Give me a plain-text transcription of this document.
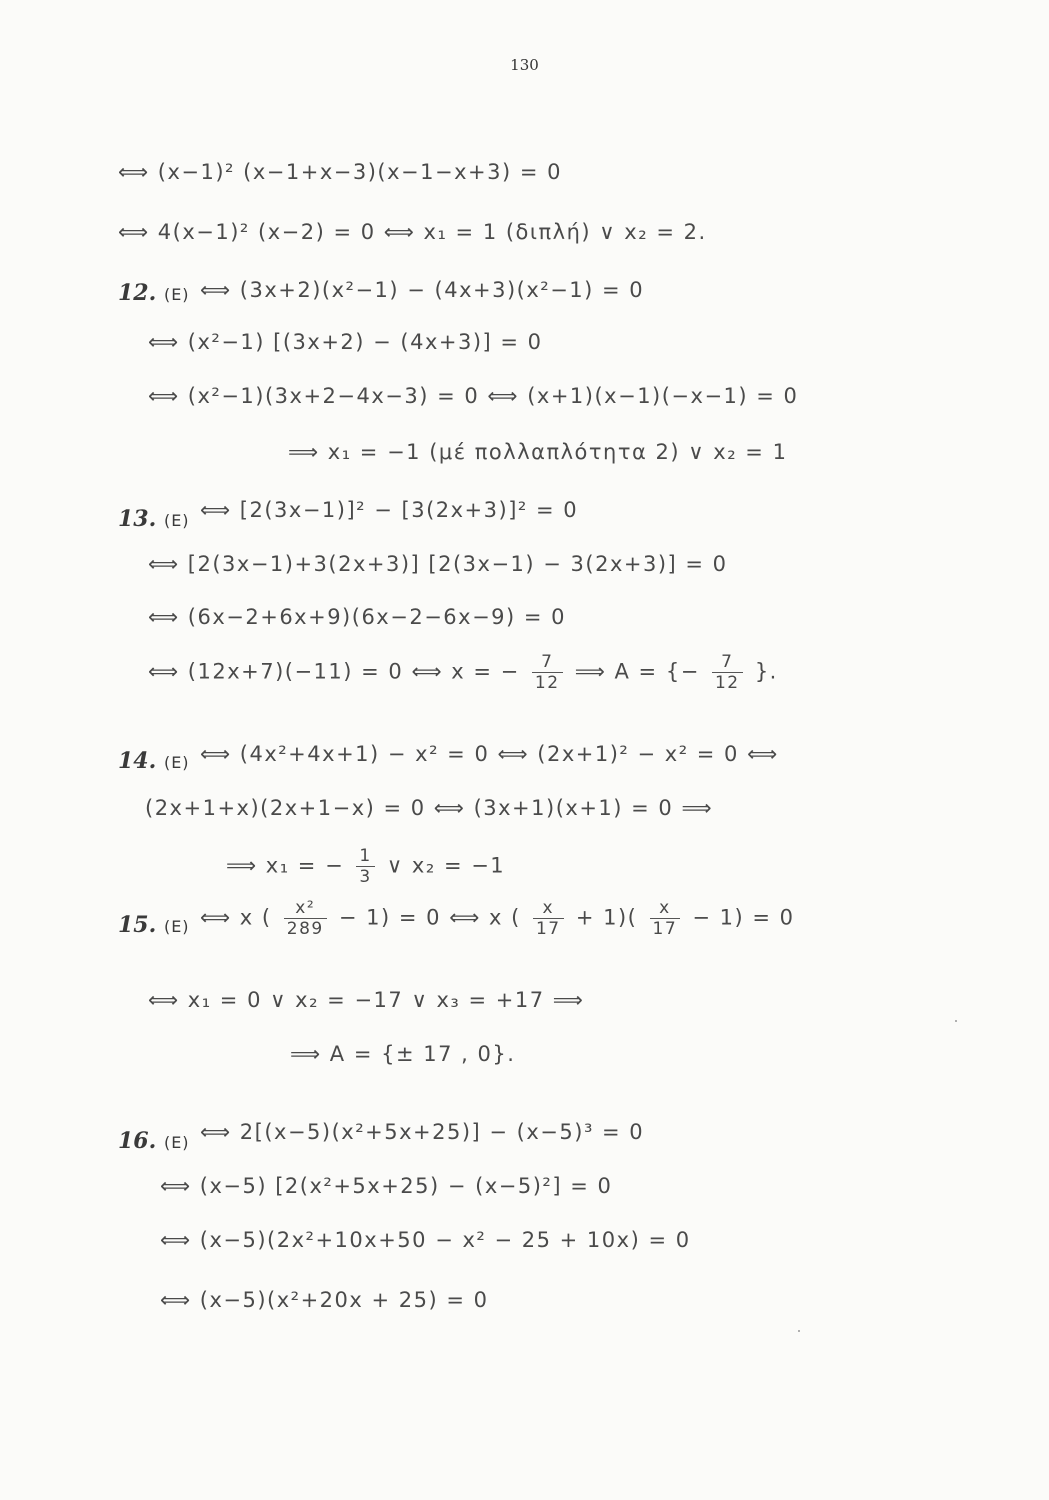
130
⟺ (x−1)² (x−1+x−3)(x−1−x+3) = 0
⟺ 4(x−1)² (x−2) = 0 ⟺ x₁ = 1 (διπλή) ∨ x₂ = 2.
12. (E) ⟺ (3x+2)(x²−1) − (4x+3)(x²−1) = 0
⟺ (x²−1) [(3x+2) − (4x+3)] = 0
⟺ (x²−1)(3x+2−4x−3) = 0 ⟺ (x+1)(x−1)(−x−1) = 0
⟹ x₁ = −1 (μέ πολλαπλότητα 2) ∨ x₂ = 1
13. (E) ⟺ [2(3x−1)]² − [3(2x+3)]² = 0
⟺ [2(3x−1)+3(2x+3)] [2(3x−1) − 3(2x+3)] = 0
⟺ (6x−2+6x+9)(6x−2−6x−9) = 0
⟺ (12x+7)(−11) = 0 ⟺ x = − $\frac{7}{12}$ ⟹ A = {− $\frac{7}{12}$ }.
14. (E) ⟺ (4x²+4x+1) − x² = 0 ⟺ (2x+1)² − x² = 0 ⟺
(2x+1+x)(2x+1−x) = 0 ⟺ (3x+1)(x+1) = 0 ⟹
⟹ x₁ = − $\frac{1}{3}$ ∨ x₂ = −1
15. (E) ⟺ x ( $\frac{\text{x²}}{289} - 1) = 0$ ⟺ x ( $\frac{x}{17} + 1)( \frac{x}{17} - 1) = 0$
⟺ x₁ = 0 ∨ x₂ = −17 ∨ x₃ = +17 ⟹
⟹ A = {± 17 , 0}.
16. (E) ⟺ 2[(x−5)(x²+5x+25)] − (x−5)³ = 0
⟺ (x−5) [2(x²+5x+25) − (x−5)²] = 0
⟺ (x−5)(2x²+10x+50 − x² − 25 + 10x) = 0
⟺ (x−5)(x²+20x + 25) = 0
